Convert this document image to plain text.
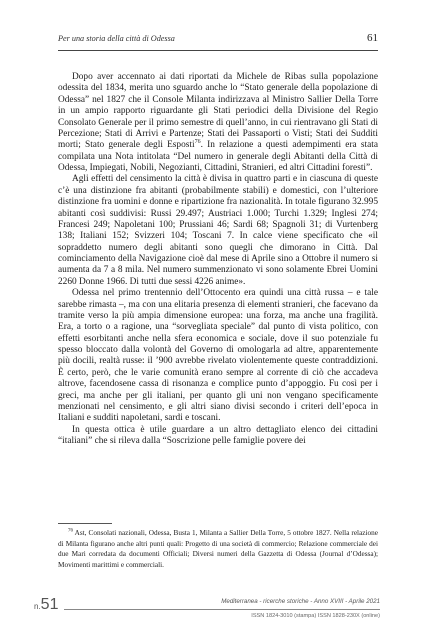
Per una storia della città di Odessa	61

Dopo aver accennato ai dati riportati da Michele de Ribas sulla popolazione odessita del 1834, merita uno sguardo anche lo “Stato generale della popolazione di Odessa” nel 1827 che il Console Milanta indirizzava al Ministro Sallier Della Torre in un ampio rapporto riguardante gli Stati periodici della Divisione del Regio Consolato Generale per il primo semestre di quell’anno, in cui rientravano gli Stati di Percezione; Stati di Arrivi e Partenze; Stati dei Passaporti o Visti; Stati dei Sudditi morti; Stato generale degli Esposti$^{76}$. In relazione a questi adempimenti era stata compilata una Nota intitolata “Del numero in generale degli Abitanti della Città di Odessa, Impiegati, Nobili, Negozianti, Cittadini, Stranieri, ed altri Cittadini foresti”.

Agli effetti del censimento la città è divisa in quattro parti e in ciascuna di queste c’è una distinzione fra abitanti (probabilmente stabili) e domestici, con l’ulteriore distinzione fra uomini e donne e ripartizione fra nazionalità. In totale figurano 32.995 abitanti così suddivisi: Russi 29.497; Austriaci 1.000; Turchi 1.329; Inglesi 274; Francesi 249; Napoletani 100; Prussiani 46; Sardi 68; Spagnoli 31; di Vurtenberg 138; Italiani 152; Svizzeri 104; Toscani 7. In calce viene specificato che «il sopraddetto numero degli abitanti sono quegli che dimorano in Città. Dal cominciamento della Navigazione cioè dal mese di Aprile sino a Ottobre il numero si aumenta da 7 a 8 mila. Nel numero summenzionato vi sono solamente Ebrei Uomini 2260 Donne 1966. Di tutti due sessi 4226 anime».

Odessa nel primo trentennio dell’Ottocento era quindi una città russa – e tale sarebbe rimasta –, ma con una elitaria presenza di elementi stranieri, che facevano da tramite verso la più ampia dimensione europea: una forza, ma anche una fragilità. Era, a torto o a ragione, una “sorvegliata speciale” dal punto di vista politico, con effetti esorbitanti anche nella sfera economica e sociale, dove il suo potenziale fu spesso bloccato dalla volontà del Governo di omologarla ad altre, apparentemente più docili, realtà russe: il ’900 avrebbe rivelato violentemente queste contraddizioni. È certo, però, che le varie comunità erano sempre al corrente di ciò che accadeva altrove, facendosene cassa di risonanza e complice punto d’appoggio. Fu così per i greci, ma anche per gli italiani, per quanto gli uni non vengano specificamente menzionati nel censimento, e gli altri siano divisi secondo i criteri dell’epoca in Italiani e sudditi napoletani, sardi e toscani.

In questa ottica è utile guardare a un altro dettagliato elenco dei cittadini “italiani” che si rileva dalla “Soscrizione pelle famiglie povere dei

$^{76}$ Ast, Consolati nazionali, Odessa, Busta 1, Milanta a Sallier Della Torre, 5 ottobre 1827. Nella relazione di Milanta figurano anche altri punti quali: Progetto di una società di commercio; Relazione commerciale dei due Mari corredata da documenti Officiali; Diversi numeri della Gazzetta di Odessa (Journal d’Odessa); Movimenti marittimi e commerciali.

n.51	Mediterranea - ricerche storiche - Anno XVIII - Aprile 2021
ISSN 1824-3010 (stampa) ISSN 1828-230X (online)
